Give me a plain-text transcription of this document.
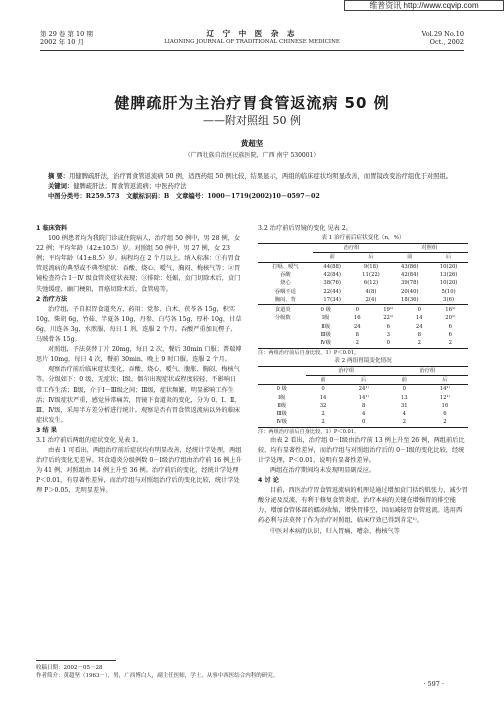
维普资讯 http://www.cqvip.com
第 29 卷 第 10 期
2002 年 10 月
辽 宁 中 医 杂 志
LIAONING JOURNAL OF TRADITIONAL CHINESE MEDICINE
Vol.29 No.10
Oct., 2002
健脾疏肝为主治疗胃食管返流病 50 例
——附对照组 50 例
黄超坚
（广西壮族自治区民族医院，广西 南宁 530001）
摘 要：用健脾疏肝法，治疗胃食管返流病 50 例，适西药组 50 例比较，结果显示，两组的临床症状均明显改善，而胃镜改变治疗组优于对照组。
关键词：健脾疏肝法；胃食管返流病；中医药疗法
中图分类号：R259.573 文献标识码：B 文章编号：1000－1719(2002)10－0597－02

1 临床资料

100 例患者均为我院门诊或住院病人，治疗组 50 例中，男 28 例，女 22 例；平均年龄（42±10.5）岁。对照组 50 例中，男 27 例，女 23 例；平均年龄（41±8.5）岁。病程均在 2 个月以上。纳入标准：①有胃食管返流病的典型或不典型症状：吞酸、烧心、嗳气、胸闷、梅核气等；②胃镜检查符合 Ⅰ－Ⅳ 级食管炎症状表现；③排除：妊娠，贲门切除术后，贲门失弛缓症，幽门梗阻，胃癌切除术后，食管癌等。

2 治疗方法

治疗组，予自拟胃食道夹方，药用：党参、白术、茯苓各 15g，枳实 10g，柴胡 6g，竹茹、半夏各 10g，丹参、白芍各 15g，厚朴 10g，甘草 6g，川连各 3g，水煎服，每日 1 剂，连服 2 个月。吞酸严重加瓦楞子、乌贼骨各 15g。

对照组，予法莫替丁片 20mg，每日 2 次，餐后 30min 口服；普瑞博思片 10mg，每日 4 次，餐前 30min，晚上 9 时口服。连服 2 个月。

观察治疗前后临床症状变化，吞酸、烧心、嗳气、腹胀、胸闷、梅核气等。分级如下：0 级，无症状；Ⅰ级，偶尔出现症状或程度较轻，不影响日常工作生活；Ⅱ级，介于Ⅰ－Ⅲ级之间；Ⅲ级，症状频繁，明显影响工作生活；Ⅳ级症状严重，感觉异常痛苦，胃镜下食道炎的变化，分为 0、Ⅰ、Ⅱ、Ⅲ、Ⅳ级，采用半方差分析进行统计。观察是否有胃食管返流病以外的临床症状发生。

3 结 果

3.1 治疗前后两组的症状变化 见表 1。

由表 1 可看出，两组治疗前后症状均有明显改善，经统计学处理，两组治疗后的变化无差异。其食道炎分级例数 0－Ⅰ级治疗组由治疗前 16 例上升为 41 例，对照组由 14 例上升至 36 例。治疗前后的变化，经统计学处理 P＜0.01，有显著性差异，而治疗组与对照组治疗后的变化比较，统计学处理 P＞0.05，无明显差异。

3.2 治疗前后胃镜的变化 见表 2。
表 1 治疗前后症状变化（n，%）
	治疗组		对照组	
	前	后	前	后
打嗝、嗳气	44(88)	9(18)	43(86)	10(20)
吞酸	42(84)	11(22)	42(84)	13(26)
烧心	38(76)	6(12)	39(78)	10(20)
吞咽不适	22(44)	4(8)	20(40)	5(10)
胸闷、背	17(34)	2(4)	18(36)	3(6)
食道炎	0 级	0	19¹⁾	0	16¹⁾
分级数	Ⅰ级	16	22¹⁾	14	20¹⁾
	Ⅱ级	24	6	24	6
	Ⅲ级	8	3	8	6
	Ⅳ级	2	0	2	2
注：两组治疗前后自身比较，1）P＜0.01。
表 2 两组胃镜变化情况
	治疗组		治疗组	
	前	后	前	后
0 级	0	24¹⁾	0	14¹⁾
Ⅰ级	14	14¹⁾	13	12¹⁾
Ⅱ级	32	8	31	16
Ⅲ级	2	4	4	6
Ⅳ级	2	0	2	2
注：两组治疗前后自身比较，1）P＜0.01。

由表 2 看出，治疗组 0－Ⅰ级由治疗前 13 例上升至 26 例，两组前后比较，均有显著性差异，而治疗组与对照组治疗后的 0－Ⅰ级的变化比较，经统计学处理，P＜0.01，说明有显著性差异。

两组在治疗期间均未发现明显副反应。

4 讨 论

目前，西医治疗胃食管返流病的机理是通过增加贲门括约肌张力，减少胃酸分泌及反流，有利于修复食管炎症。治疗本病的关键在增强胃的排空能力，增加食管体部的蠕动收缩，增快胃排空，因而减轻胃食管返流。选用西药必利与法莫替丁作为治疗对照组，临床疗效已得到肯定¹⁾。

中医对本病的认识，归入胃痛、嘈杂、梅核气等

收稿日期：2002－05－28
作者简介：黄超坚（1963－），男，广西博白人，副主任医师，学士，从事中西医结合内科的研究。
· 597 ·
